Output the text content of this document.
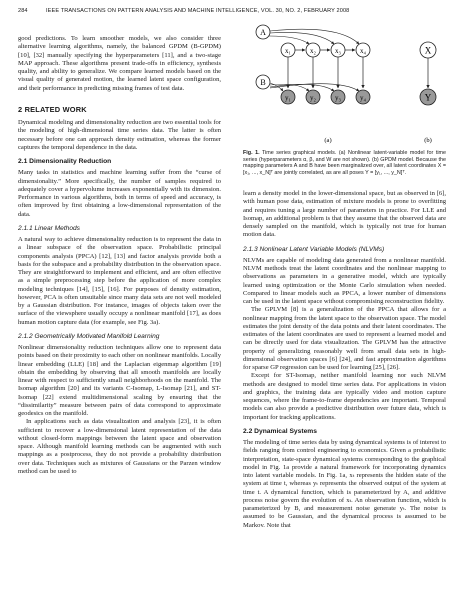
284	IEEE TRANSACTIONS ON PATTERN ANALYSIS AND MACHINE INTELLIGENCE, VOL. 30, NO. 2, FEBRUARY 2008

good predictions. To learn smoother models, we also consider three alternative learning algorithms, namely, the balanced GPDM (B-GPDM) [10], [32] manually specifying the hyperparameters [11], and a two-stage MAP approach. These algorithms present trade-offs in efficiency, synthesis quality, and ability to generalize. We compare learned models based on the visual quality of generated motion, the learned latent space configuration, and their performance in predicting missing frames of test data.

2 RELATED WORK

Dynamical modeling and dimensionality reduction are two essential tools for the modeling of high-dimensional time series data. The latter is often necessary before one can approach density estimation, whereas the former captures the temporal dependence in the data.

2.1 Dimensionality Reduction

Many tasks in statistics and machine learning suffer from the “curse of dimensionality.” More specifically, the number of samples required to adequately cover a hypervolume increases exponentially with its dimension. Performance in various algorithms, both in terms of speed and accuracy, is often improved by first obtaining a low-dimensional representation of the data.

2.1.1 Linear Methods

A natural way to achieve dimensionality reduction is to represent the data in a linear subspace of the observation space. Probabilistic principal components analysis (PPCA) [12], [13] and factor analysis provide both a basis for the subspace and a probability distribution in the observation space. They are straightforward to implement and efficient, and are often effective as a simple preprocessing step before the application of more complex modeling techniques [14], [15], [16]. For purposes of density estimation, however, PCA is often unsuitable since many data sets are not well modeled by a Gaussian distribution. For instance, images of objects taken over the surface of the viewsphere usually occupy a nonlinear manifold [17], as does human motion capture data (for example, see Fig. 3a).

2.1.2 Geometrically Motivated Manifold Learning

Nonlinear dimensionality reduction techniques allow one to represent data points based on their proximity to each other on nonlinear manifolds. Locally linear embedding (LLE) [18] and the Laplacian eigenmap algorithm [19] obtain the embedding by observing that all smooth manifolds are locally linear with respect to sufficiently small neighborhoods on the manifold. The Isomap algorithm [20] and its variants C-Isomap, L-Isomap [21], and ST-Isomap [22] extend multidimensional scaling by ensuring that the “dissimilarity” measure between pairs of data correspond to approximate geodesics on the manifold.

In applications such as data visualization and analysis [23], it is often sufficient to recover a low-dimensional latent representation of the data without closed-form mappings between the latent space and observation space. Although manifold learning methods can be augmented with such mappings as a postprocess, they do not provide a probability distribution over data. Techniques such as mixtures of Gaussians or the Parzen window method can be used to

A
B
x₁	x₂	x₃	x₄
y₁	y₂	y₃	y₄
(a)
X
Y
(b)
Fig. 1. Time series graphical models. (a) Nonlinear latent-variable model for time series (hyperparameters α, β, and W are not shown). (b) GPDM model. Because the mapping parameters A and B have been marginalized over, all latent coordinates X = [x₁, ..., x_N]ᵀ are jointly correlated, as are all poses Y = [y₁, ..., y_N]ᵀ.

learn a density model in the lower-dimensional space, but as observed in [6], with human pose data, estimation of mixture models is prone to overfitting and requires tuning a large number of parameters in practice. For LLE and Isomap, an additional problem is that they assume that the observed data are densely sampled on the manifold, which is typically not true for human motion data.

2.1.3 Nonlinear Latent Variable Models (NLVMs)

NLVMs are capable of modeling data generated from a nonlinear manifold. NLVM methods treat the latent coordinates and the nonlinear mapping to observations as parameters in a generative model, which are typically learned using optimization or the Monte Carlo simulation when needed. Compared to linear models such as PPCA, a lower number of dimensions can be used in the latent space without compromising reconstruction fidelity.

The GPLVM [8] is a generalization of the PPCA that allows for a nonlinear mapping from the latent space to the observation space. The model estimates the joint density of the data points and their latent coordinates. The estimates of the latent coordinates are used to represent a learned model and can be directly used for data visualization. The GPLVM has the attractive property of generalizing reasonably well from small data sets in high-dimensional observation spaces [6] [24], and fast approximation algorithms for sparse GP regression can be used for learning [25], [26].

Except for ST-Isomap, neither manifold learning nor such NLVM methods are designed to model time series data. For applications in vision and graphics, the training data are typically video and motion capture sequences, where the frame-to-frame dependencies are important. Temporal models can also provide a predictive distribution over future data, which is important for tracking applications.

2.2 Dynamical Systems

The modeling of time series data by using dynamical systems is of interest to fields ranging from control engineering to economics. Given a probabilistic interpretation, state-space dynamical systems corresponding to the graphical model in Fig. 1a provide a natural framework for incorporating dynamics into latent variable models. In Fig. 1a, xₜ represents the hidden state of the system at time t, whereas yₜ represents the observed output of the system at time t. A dynamical function, which is parameterized by A, and additive process noise govern the evolution of xₜ. An observation function, which is parameterized by B, and measurement noise generate yₜ. The noise is assumed to be Gaussian, and the dynamical process is assumed to be Markov. Note that
